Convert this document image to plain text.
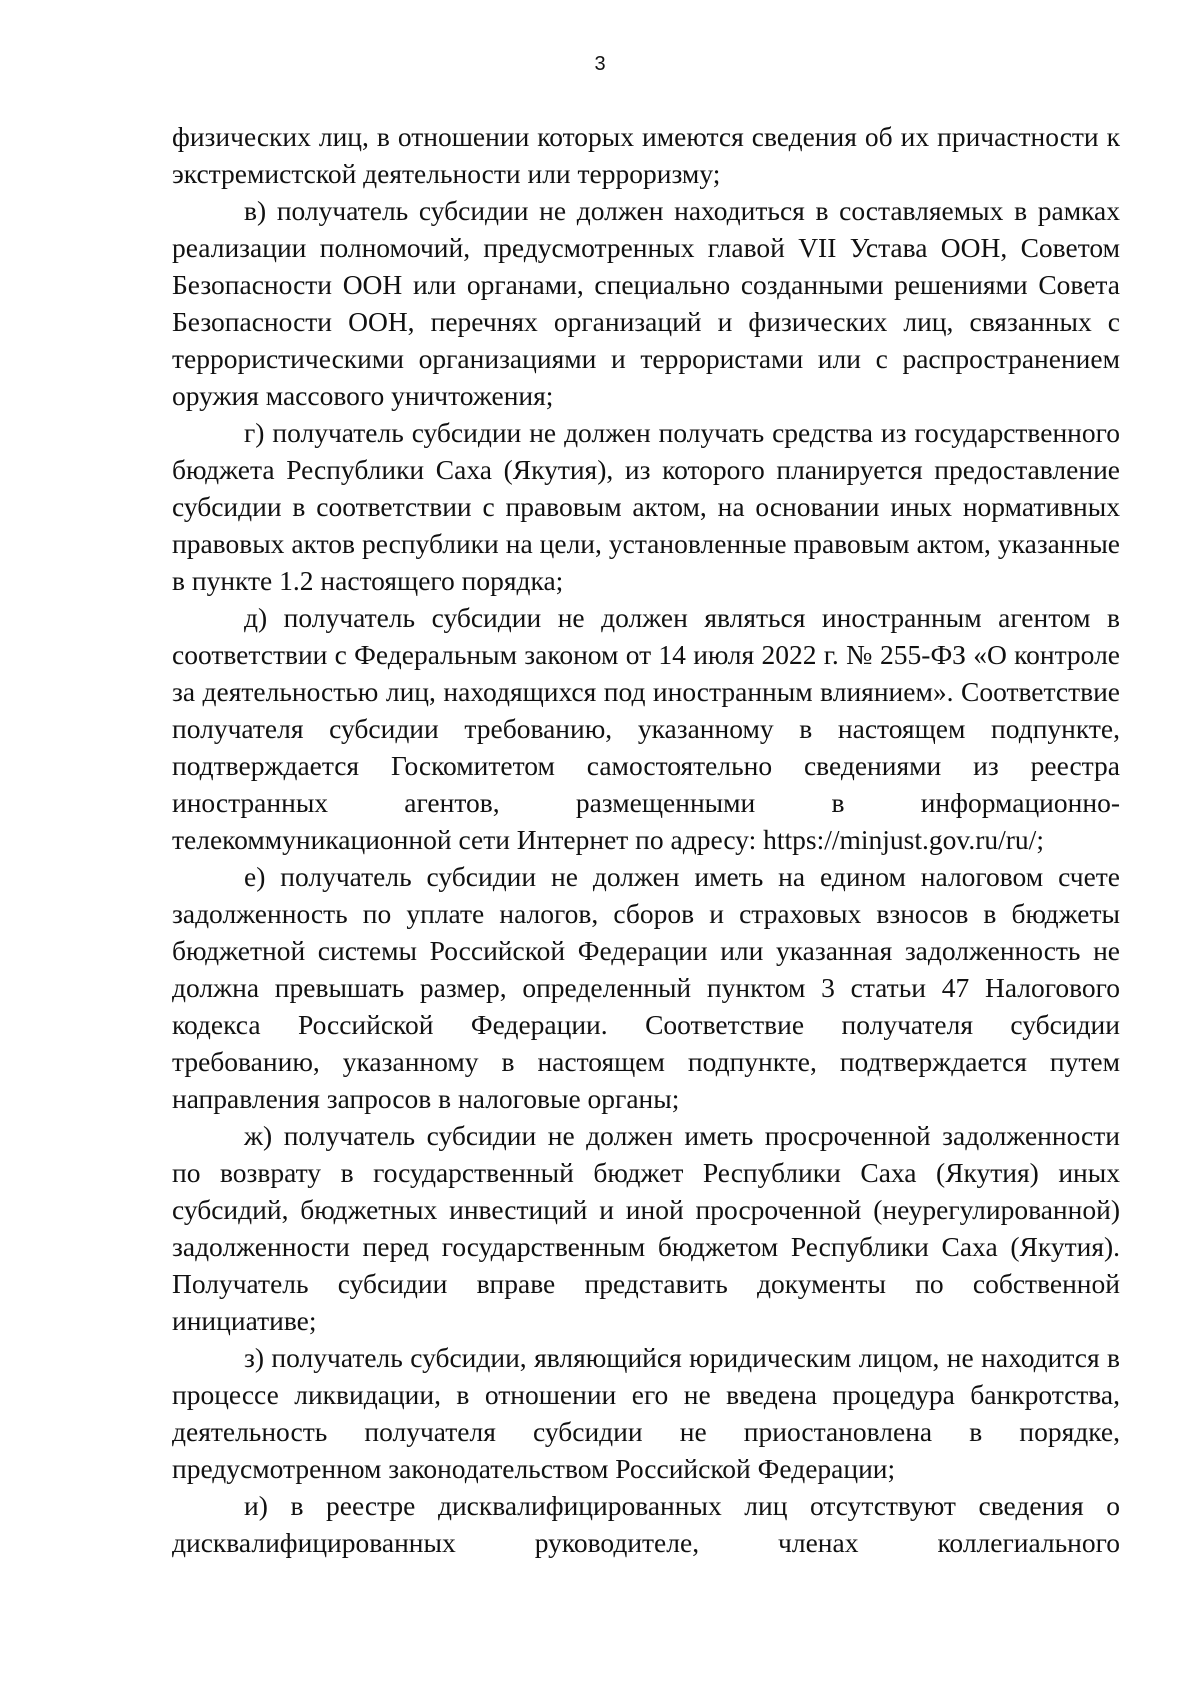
3

физических лиц, в отношении которых имеются сведения об их причастности к экстремистской деятельности или терроризму;

в) получатель субсидии не должен находиться в составляемых в рамках реализации полномочий, предусмотренных главой VII Устава ООН, Советом Безопасности ООН или органами, специально созданными решениями Совета Безопасности ООН, перечнях организаций и физических лиц, связанных с террористическими организациями и террористами или с распространением оружия массового уничтожения;

г) получатель субсидии не должен получать средства из государственного бюджета Республики Саха (Якутия), из которого планируется предоставление субсидии в соответствии с правовым актом, на основании иных нормативных правовых актов республики на цели, установленные правовым актом, указанные в пункте 1.2 настоящего порядка;

д) получатель субсидии не должен являться иностранным агентом в соответствии с Федеральным законом от 14 июля 2022 г. № 255-ФЗ «О контроле за деятельностью лиц, находящихся под иностранным влиянием». Соответствие получателя субсидии требованию, указанному в настоящем подпункте, подтверждается Госкомитетом самостоятельно сведениями из реестра иностранных агентов, размещенными в информационно-телекоммуникационной сети Интернет по адресу: https://minjust.gov.ru/ru/;

е) получатель субсидии не должен иметь на едином налоговом счете задолженность по уплате налогов, сборов и страховых взносов в бюджеты бюджетной системы Российской Федерации или указанная задолженность не должна превышать размер, определенный пунктом 3 статьи 47 Налогового кодекса Российской Федерации. Соответствие получателя субсидии требованию, указанному в настоящем подпункте, подтверждается путем направления запросов в налоговые органы;

ж) получатель субсидии не должен иметь просроченной задолженности по возврату в государственный бюджет Республики Саха (Якутия) иных субсидий, бюджетных инвестиций и иной просроченной (неурегулированной) задолженности перед государственным бюджетом Республики Саха (Якутия). Получатель субсидии вправе представить документы по собственной инициативе;

з) получатель субсидии, являющийся юридическим лицом, не находится в процессе ликвидации, в отношении его не введена процедура банкротства, деятельность получателя субсидии не приостановлена в порядке, предусмотренном законодательством Российской Федерации;

и) в реестре дисквалифицированных лиц отсутствуют сведения о дисквалифицированных руководителе, членах коллегиального
